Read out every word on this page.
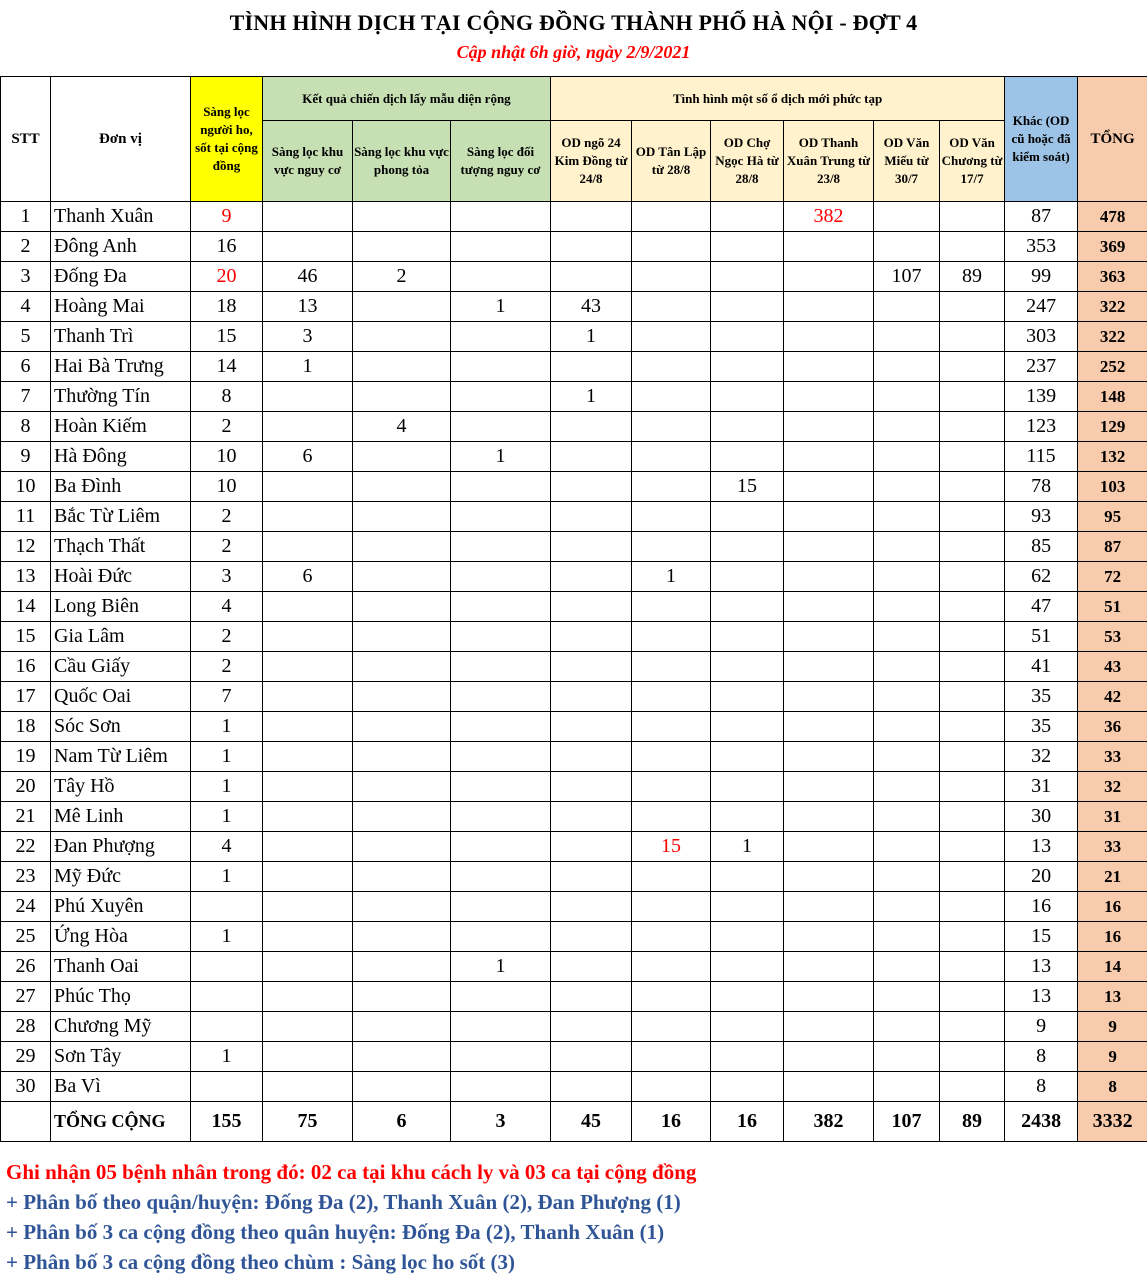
TÌNH HÌNH DỊCH TẠI CỘNG ĐỒNG THÀNH PHỐ HÀ NỘI - ĐỢT 4
Cập nhật 6h giờ, ngày 2/9/2021
STT	Đơn vị	Sàng lọc người ho, sốt tại cộng đồng	Kết quả chiến dịch lấy mẫu diện rộng			Tình hình một số ổ dịch mới phức tạp						Khác (OD cũ hoặc đã kiểm soát)	TỔNG
			Sàng lọc khu vực nguy cơ	Sàng lọc khu vực phong tỏa	Sàng lọc đối tượng nguy cơ	OD ngõ 24 Kim Đồng từ 24/8	OD Tân Lập từ 28/8	OD Chợ Ngọc Hà từ 28/8	OD Thanh Xuân Trung từ 23/8	OD Văn Miếu từ 30/7	OD Văn Chương từ 17/7		
1	Thanh Xuân	9							382			87	478
2	Đông Anh	16										353	369
3	Đống Đa	20	46	2						107	89	99	363
4	Hoàng Mai	18	13		1	43						247	322
5	Thanh Trì	15	3			1						303	322
6	Hai Bà Trưng	14	1									237	252
7	Thường Tín	8				1						139	148
8	Hoàn Kiếm	2		4								123	129
9	Hà Đông	10	6		1							115	132
10	Ba Đình	10						15				78	103
11	Bắc Từ Liêm	2										93	95
12	Thạch Thất	2										85	87
13	Hoài Đức	3	6				1					62	72
14	Long Biên	4										47	51
15	Gia Lâm	2										51	53
16	Cầu Giấy	2										41	43
17	Quốc Oai	7										35	42
18	Sóc Sơn	1										35	36
19	Nam Từ Liêm	1										32	33
20	Tây Hồ	1										31	32
21	Mê Linh	1										30	31
22	Đan Phượng	4					15	1				13	33
23	Mỹ Đức	1										20	21
24	Phú Xuyên											16	16
25	Ứng Hòa	1										15	16
26	Thanh Oai				1							13	14
27	Phúc Thọ											13	13
28	Chương Mỹ											9	9
29	Sơn Tây	1										8	9
30	Ba Vì											8	8
	TỔNG CỘNG	155	75	6	3	45	16	16	382	107	89	2438	3332
Ghi nhận 05 bệnh nhân trong đó: 02 ca tại khu cách ly và 03 ca tại cộng đồng
+ Phân bố theo quận/huyện: Đống Đa (2), Thanh Xuân (2), Đan Phượng (1)
+ Phân bố 3 ca cộng đồng theo quân huyện: Đống Đa (2), Thanh Xuân (1)
+ Phân bố 3 ca cộng đồng theo chùm : Sàng lọc ho sốt (3)
